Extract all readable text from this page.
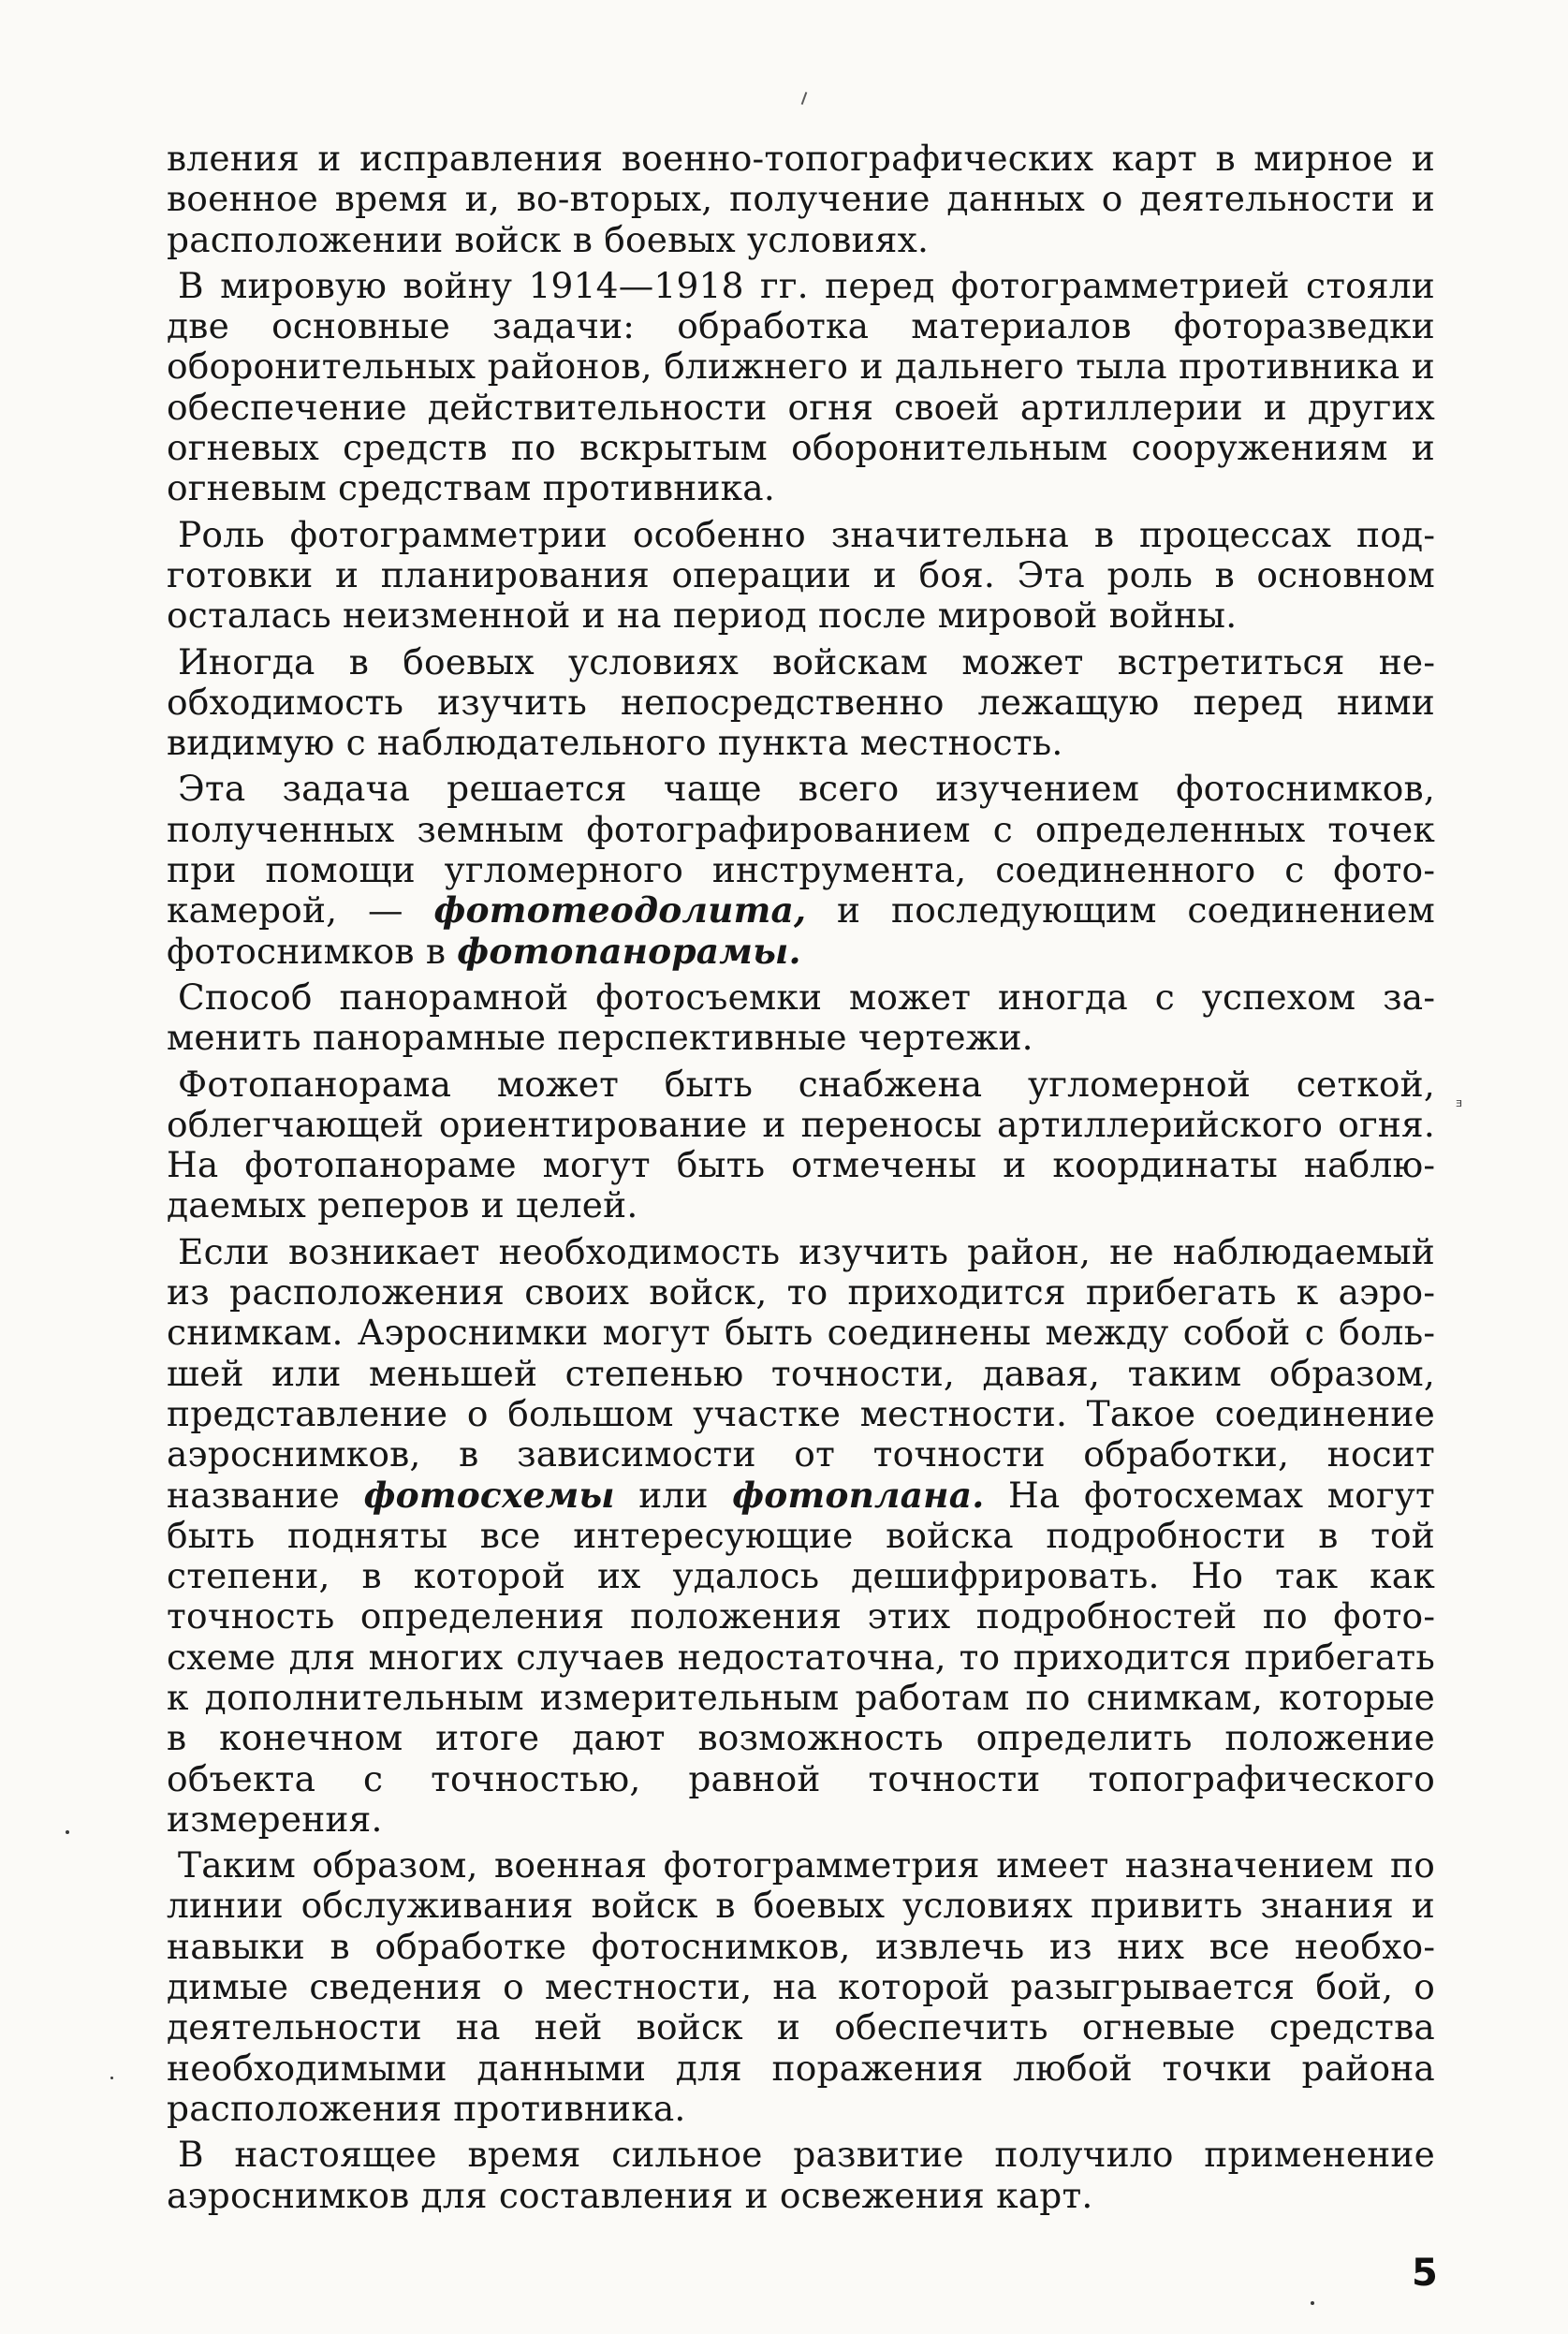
вления и исправления военно-топографических карт в мирное и военное время и, во-вторых, получение данных о деятельности и расположении войск в боевых условиях.

В мировую войну 1914—1918 гг. перед фотограмметрией стояли две основные задачи: обработка материалов фоторазведки оборонительных районов, ближнего и дальнего тыла противника и обеспечение действительности огня своей артиллерии и других огневых средств по вскрытым оборонительным сооружениям и огневым средствам противника.

Роль фотограмметрии особенно значительна в процессах подготовки и планирования операции и боя. Эта роль в основном осталась неизменной и на период после мировой войны.

Иногда в боевых условиях войскам может встретиться необходимость изучить непосредственно лежащую перед ними видимую с наблюдательного пункта местность.

Эта задача решается чаще всего изучением фотоснимков, полученных земным фотографированием с определенных точек при помощи угломерного инструмента, соединенного с фотокамерой, — фототеодолита, и последующим соединением фотоснимков в фотопанорамы.

Способ панорамной фотосъемки может иногда с успехом заменить панорамные перспективные чертежи.

Фотопанорама может быть снабжена угломерной сеткой, облегчающей ориентирование и переносы артиллерийского огня. На фотопанораме могут быть отмечены и координаты наблюдаемых реперов и целей.

Если возникает необходимость изучить район, не наблюдаемый из расположения своих войск, то приходится прибегать к аэроснимкам. Аэроснимки могут быть соединены между собой с большей или меньшей степенью точности, давая, таким образом, представление о большом участке местности. Такое соединение аэроснимков, в зависимости от точности обработки, носит название фотосхемы или фотоплана. На фотосхемах могут быть подняты все интересующие войска подробности в той степени, в которой их удалось дешифрировать. Но так как точность определения положения этих подробностей по фотосхеме для многих случаев недостаточна, то приходится прибегать к дополнительным измерительным работам по снимкам, которые в конечном итоге дают возможность определить положение объекта с точностью, равной точности топографического измерения.

Таким образом, военная фотограмметрия имеет назначением по линии обслуживания войск в боевых условиях привить знания и навыки в обработке фотоснимков, извлечь из них все необходимые сведения о местности, на которой разыгрывается бой, о деятельности на ней войск и обеспечить огневые средства необходимыми данными для поражения любой точки района расположения противника.

В настоящее время сильное развитие получило применение аэроснимков для составления и освежения карт.

ᴲ
5
